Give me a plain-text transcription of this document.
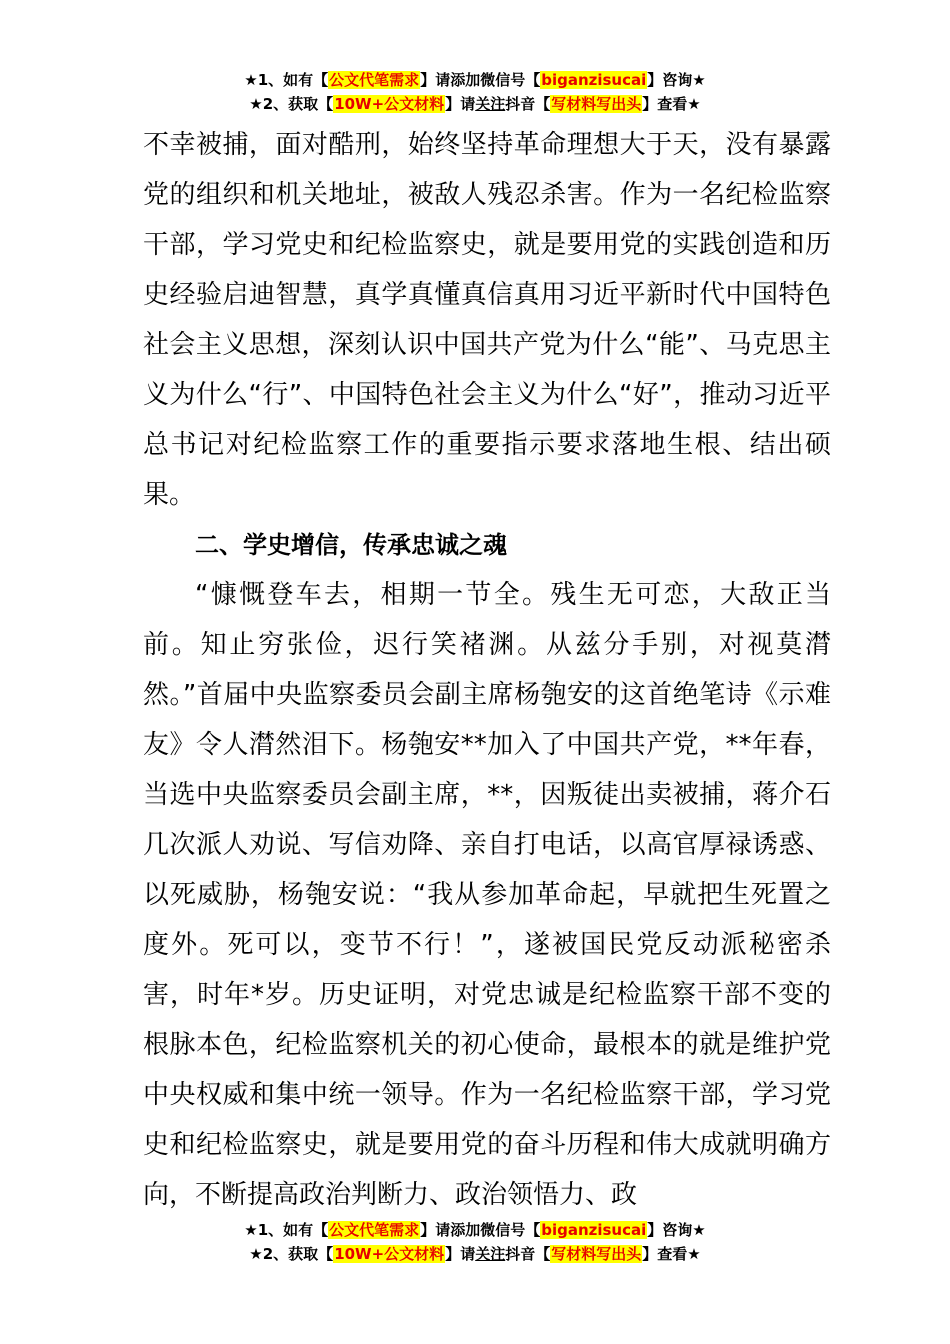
★1、如有【公文代笔需求】请添加微信号【biganzisucai】咨询★
★2、获取【10W+公文材料】请关注抖音【写材料写出头】查看★

不幸被捕，面对酷刑，始终坚持革命理想大于天，没有暴露党的组织和机关地址，被敌人残忍杀害。作为一名纪检监察干部，学习党史和纪检监察史，就是要用党的实践创造和历史经验启迪智慧，真学真懂真信真用习近平新时代中国特色社会主义思想，深刻认识中国共产党为什么“能”、马克思主义为什么“行”、中国特色社会主义为什么“好”，推动习近平总书记对纪检监察工作的重要指示要求落地生根、结出硕果。

二、学史增信，传承忠诚之魂

“慷慨登车去，相期一节全。残生无可恋，大敌正当前。知止穷张俭，迟行笑褚渊。从兹分手别，对视莫潸然。”首届中央监察委员会副主席杨匏安的这首绝笔诗《示难友》令人潸然泪下。杨匏安**加入了中国共产党，**年春，当选中央监察委员会副主席，**，因叛徒出卖被捕，蒋介石几次派人劝说、写信劝降、亲自打电话，以高官厚禄诱惑、以死威胁，杨匏安说：“我从参加革命起，早就把生死置之度外。死可以，变节不行！”，遂被国民党反动派秘密杀害，时年*岁。历史证明，对党忠诚是纪检监察干部不变的根脉本色，纪检监察机关的初心使命，最根本的就是维护党中央权威和集中统一领导。作为一名纪检监察干部，学习党史和纪检监察史，就是要用党的奋斗历程和伟大成就明确方向，不断提高政治判断力、政治领悟力、政

★1、如有【公文代笔需求】请添加微信号【biganzisucai】咨询★
★2、获取【10W+公文材料】请关注抖音【写材料写出头】查看★
